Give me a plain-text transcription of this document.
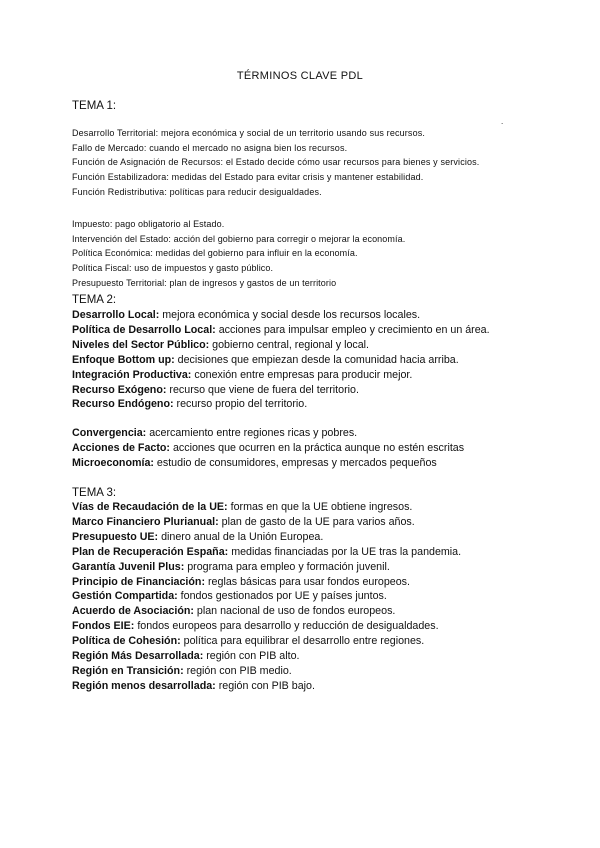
TÉRMINOS CLAVE PDL
.
TEMA 1:
Desarrollo Territorial: mejora económica y social de un territorio usando sus recursos.
Fallo de Mercado: cuando el mercado no asigna bien los recursos.
Función de Asignación de Recursos: el Estado decide cómo usar recursos para bienes y servicios.
Función Estabilizadora: medidas del Estado para evitar crisis y mantener estabilidad.
Función Redistributiva: políticas para reducir desigualdades.
Impuesto: pago obligatorio al Estado.
Intervención del Estado: acción del gobierno para corregir o mejorar la economía.
Política Económica: medidas del gobierno para influir en la economía.
Política Fiscal: uso de impuestos y gasto público.
Presupuesto Territorial: plan de ingresos y gastos de un territorio
TEMA 2:
Desarrollo Local: mejora económica y social desde los recursos locales.
Política de Desarrollo Local: acciones para impulsar empleo y crecimiento en un área.
Niveles del Sector Público: gobierno central, regional y local.
Enfoque Bottom up: decisiones que empiezan desde la comunidad hacia arriba.
Integración Productiva: conexión entre empresas para producir mejor.
Recurso Exógeno: recurso que viene de fuera del territorio.
Recurso Endógeno: recurso propio del territorio.
Convergencia: acercamiento entre regiones ricas y pobres.
Acciones de Facto: acciones que ocurren en la práctica aunque no estén escritas
Microeconomía: estudio de consumidores, empresas y mercados pequeños
TEMA 3:
Vías de Recaudación de la UE: formas en que la UE obtiene ingresos.
Marco Financiero Plurianual: plan de gasto de la UE para varios años.
Presupuesto UE: dinero anual de la Unión Europea.
Plan de Recuperación España: medidas financiadas por la UE tras la pandemia.
Garantía Juvenil Plus: programa para empleo y formación juvenil.
Principio de Financiación: reglas básicas para usar fondos europeos.
Gestión Compartida: fondos gestionados por UE y países juntos.
Acuerdo de Asociación: plan nacional de uso de fondos europeos.
Fondos EIE: fondos europeos para desarrollo y reducción de desigualdades.
Política de Cohesión: política para equilibrar el desarrollo entre regiones.
Región Más Desarrollada: región con PIB alto.
Región en Transición: región con PIB medio.
Región menos desarrollada: región con PIB bajo.
